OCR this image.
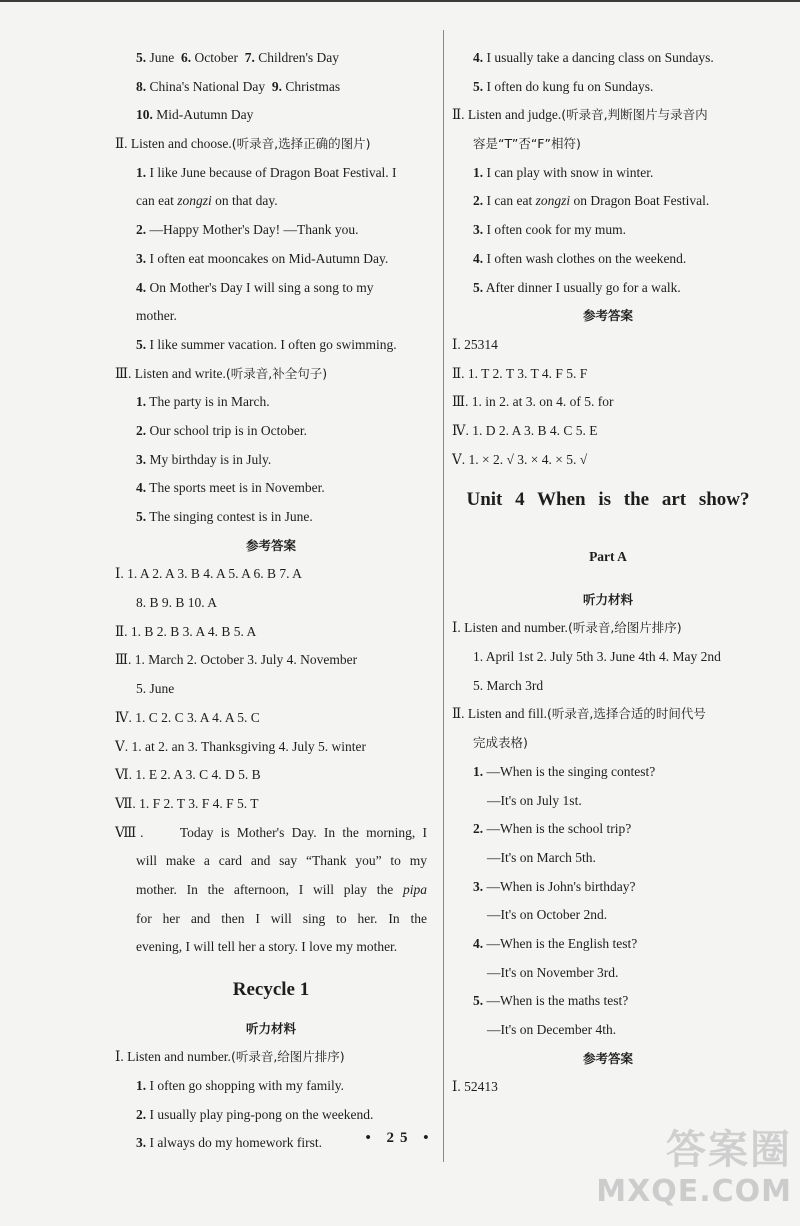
5. June 6. October 7. Children's Day
8. China's National Day 9. Christmas
10. Mid-Autumn Day
Ⅱ. Listen and choose.(听录音,选择正确的图片)
1. I like June because of Dragon Boat Festival. I
can eat zongzi on that day.
2. —Happy Mother's Day! —Thank you.
3. I often eat mooncakes on Mid-Autumn Day.
4. On Mother's Day I will sing a song to my
mother.
5. I like summer vacation. I often go swimming.
Ⅲ. Listen and write.(听录音,补全句子)
1. The party is in March.
2. Our school trip is in October.
3. My birthday is in July.
4. The sports meet is in November.
5. The singing contest is in June.
参考答案
Ⅰ. 1. A 2. A 3. B 4. A 5. A 6. B 7. A
8. B 9. B 10. A
Ⅱ. 1. B 2. B 3. A 4. B 5. A
Ⅲ. 1. March 2. October 3. July 4. November
5. June
Ⅳ. 1. C 2. C 3. A 4. A 5. C
Ⅴ. 1. at 2. an 3. Thanksgiving 4. July 5. winter
Ⅵ. 1. E 2. A 3. C 4. D 5. B
Ⅶ. 1. F 2. T 3. F 4. F 5. T
Ⅷ.	Today is Mother's Day. In the morning, I
will make a card and say “Thank you” to my
mother. In the afternoon, I will play the pipa
for her and then I will sing to her. In the
evening, I will tell her a story. I love my mother.
Recycle 1
听力材料
Ⅰ. Listen and number.(听录音,给图片排序)
1. I often go shopping with my family.
2. I usually play ping-pong on the weekend.
3. I always do my homework first.
4. I usually take a dancing class on Sundays.
5. I often do kung fu on Sundays.
Ⅱ. Listen and judge.(听录音,判断图片与录音内
容是“T”否“F”相符)
1. I can play with snow in winter.
2. I can eat zongzi on Dragon Boat Festival.
3. I often cook for my mum.
4. I often wash clothes on the weekend.
5. After dinner I usually go for a walk.
参考答案
Ⅰ. 25314
Ⅱ. 1. T 2. T 3. T 4. F 5. F
Ⅲ. 1. in 2. at 3. on 4. of 5. for
Ⅳ. 1. D 2. A 3. B 4. C 5. E
Ⅴ. 1. × 2. √ 3. × 4. × 5. √
Unit 4 When is the art show?
Part A
听力材料
Ⅰ. Listen and number.(听录音,给图片排序)
1. April 1st 2. July 5th 3. June 4th 4. May 2nd
5. March 3rd
Ⅱ. Listen and fill.(听录音,选择合适的时间代号
完成表格)
1. —When is the singing contest?
—It's on July 1st.
2. —When is the school trip?
—It's on March 5th.
3. —When is John's birthday?
—It's on October 2nd.
4. —When is the English test?
—It's on November 3rd.
5. —When is the maths test?
—It's on December 4th.
参考答案
Ⅰ. 52413
• 25 •	答案圈
MXQE.COM
